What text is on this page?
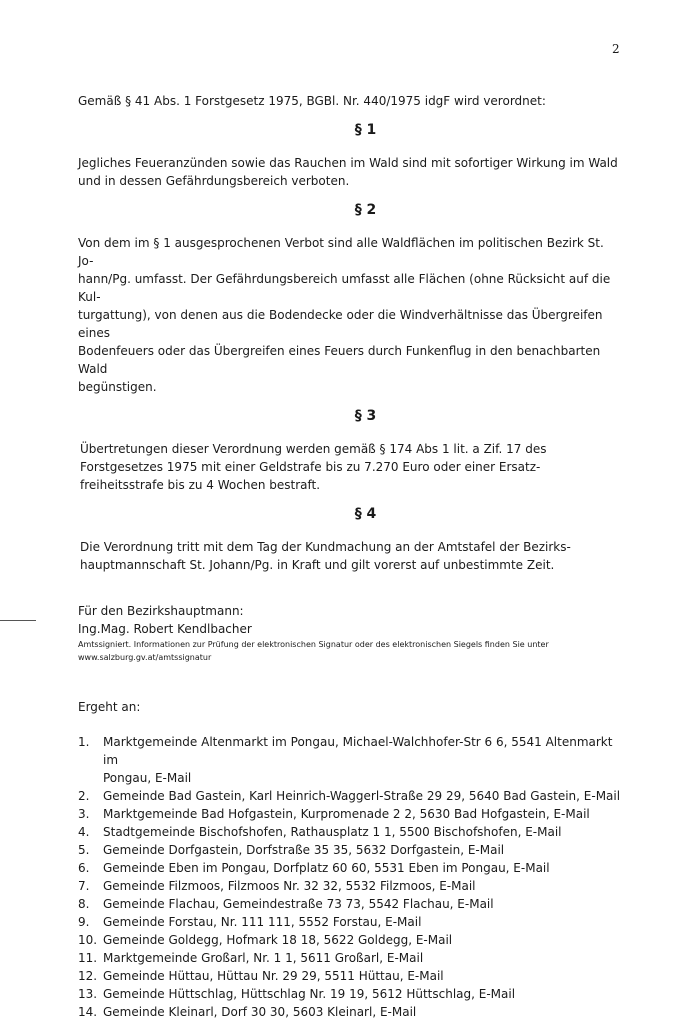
2

Gemäß § 41 Abs. 1 Forstgesetz 1975, BGBl. Nr. 440/1975 idgF wird verordnet:

§ 1

Jegliches Feueranzünden sowie das Rauchen im Wald sind mit sofortiger Wirkung im Wald
und in dessen Gefährdungsbereich verboten.

§ 2

Von dem im § 1 ausgesprochenen Verbot sind alle Waldflächen im politischen Bezirk St. Jo-
hann/Pg. umfasst. Der Gefährdungsbereich umfasst alle Flächen (ohne Rücksicht auf die Kul-
turgattung), von denen aus die Bodendecke oder die Windverhältnisse das Übergreifen eines
Bodenfeuers oder das Übergreifen eines Feuers durch Funkenflug in den benachbarten Wald
begünstigen.

§ 3

Übertretungen dieser Verordnung werden gemäß § 174 Abs 1 lit. a Zif. 17 des
Forstgesetzes 1975 mit einer Geldstrafe bis zu 7.270 Euro oder einer Ersatz-
freiheitsstrafe bis zu 4 Wochen bestraft.

§ 4

Die Verordnung tritt mit dem Tag der Kundmachung an der Amtstafel der Bezirks-
hauptmannschaft St. Johann/Pg. in Kraft und gilt vorerst auf unbestimmte Zeit.

Für den Bezirkshauptmann:

Ing.Mag. Robert Kendlbacher

Amtssigniert. Informationen zur Prüfung der elektronischen Signatur oder des elektronischen Siegels finden Sie unter

www.salzburg.gv.at/amtssignatur

Ergeht an:

1.	Marktgemeinde Altenmarkt im Pongau, Michael-Walchhofer-Str 6 6, 5541 Altenmarkt im
Pongau, E-Mail
2.	Gemeinde Bad Gastein, Karl Heinrich-Waggerl-Straße 29 29, 5640 Bad Gastein, E-Mail
3.	Marktgemeinde Bad Hofgastein, Kurpromenade 2 2, 5630 Bad Hofgastein, E-Mail
4.	Stadtgemeinde Bischofshofen, Rathausplatz 1 1, 5500 Bischofshofen, E-Mail
5.	Gemeinde Dorfgastein, Dorfstraße 35 35, 5632 Dorfgastein, E-Mail
6.	Gemeinde Eben im Pongau, Dorfplatz 60 60, 5531 Eben im Pongau, E-Mail
7.	Gemeinde Filzmoos, Filzmoos Nr. 32 32, 5532 Filzmoos, E-Mail
8.	Gemeinde Flachau, Gemeindestraße 73 73, 5542 Flachau, E-Mail
9.	Gemeinde Forstau, Nr. 111 111, 5552 Forstau, E-Mail
10. Gemeinde Goldegg, Hofmark 18 18, 5622 Goldegg, E-Mail
11. Marktgemeinde Großarl, Nr. 1 1, 5611 Großarl, E-Mail
12. Gemeinde Hüttau, Hüttau Nr. 29 29, 5511 Hüttau, E-Mail
13. Gemeinde Hüttschlag, Hüttschlag Nr. 19 19, 5612 Hüttschlag, E-Mail
14. Gemeinde Kleinarl, Dorf 30 30, 5603 Kleinarl, E-Mail
